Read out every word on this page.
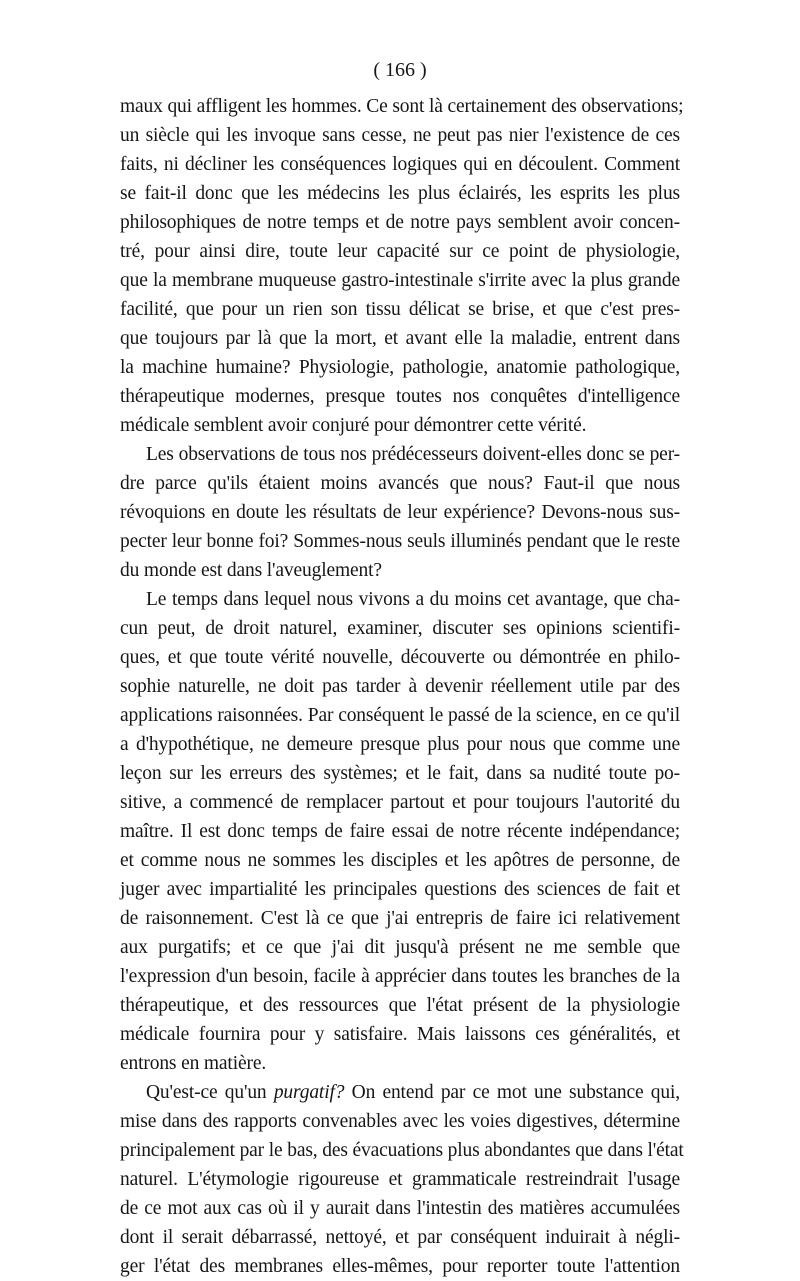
( 166 )
maux qui affligent les hommes. Ce sont là certainement des observations;
un siècle qui les invoque sans cesse, ne peut pas nier l'existence de ces
faits, ni décliner les conséquences logiques qui en découlent. Comment
se fait-il donc que les médecins les plus éclairés, les esprits les plus
philosophiques de notre temps et de notre pays semblent avoir concen-
tré, pour ainsi dire, toute leur capacité sur ce point de physiologie,
que la membrane muqueuse gastro-intestinale s'irrite avec la plus grande
facilité, que pour un rien son tissu délicat se brise, et que c'est pres-
que toujours par là que la mort, et avant elle la maladie, entrent dans
la machine humaine? Physiologie, pathologie, anatomie pathologique,
thérapeutique modernes, presque toutes nos conquêtes d'intelligence
médicale semblent avoir conjuré pour démontrer cette vérité.
Les observations de tous nos prédécesseurs doivent-elles donc se per-
dre parce qu'ils étaient moins avancés que nous? Faut-il que nous
révoquions en doute les résultats de leur expérience? Devons-nous sus-
pecter leur bonne foi? Sommes-nous seuls illuminés pendant que le reste
du monde est dans l'aveuglement?
Le temps dans lequel nous vivons a du moins cet avantage, que cha-
cun peut, de droit naturel, examiner, discuter ses opinions scientifi-
ques, et que toute vérité nouvelle, découverte ou démontrée en philo-
sophie naturelle, ne doit pas tarder à devenir réellement utile par des
applications raisonnées. Par conséquent le passé de la science, en ce qu'il
a d'hypothétique, ne demeure presque plus pour nous que comme une
leçon sur les erreurs des systèmes; et le fait, dans sa nudité toute po-
sitive, a commencé de remplacer partout et pour toujours l'autorité du
maître. Il est donc temps de faire essai de notre récente indépendance;
et comme nous ne sommes les disciples et les apôtres de personne, de
juger avec impartialité les principales questions des sciences de fait et
de raisonnement. C'est là ce que j'ai entrepris de faire ici relativement
aux purgatifs; et ce que j'ai dit jusqu'à présent ne me semble que
l'expression d'un besoin, facile à apprécier dans toutes les branches de la
thérapeutique, et des ressources que l'état présent de la physiologie
médicale fournira pour y satisfaire. Mais laissons ces généralités, et
entrons en matière.
Qu'est-ce qu'un purgatif? On entend par ce mot une substance qui,
mise dans des rapports convenables avec les voies digestives, détermine
principalement par le bas, des évacuations plus abondantes que dans l'état
naturel. L'étymologie rigoureuse et grammaticale restreindrait l'usage
de ce mot aux cas où il y aurait dans l'intestin des matières accumulées
dont il serait débarrassé, nettoyé, et par conséquent induirait à négli-
ger l'état des membranes elles-mêmes, pour reporter toute l'attention
